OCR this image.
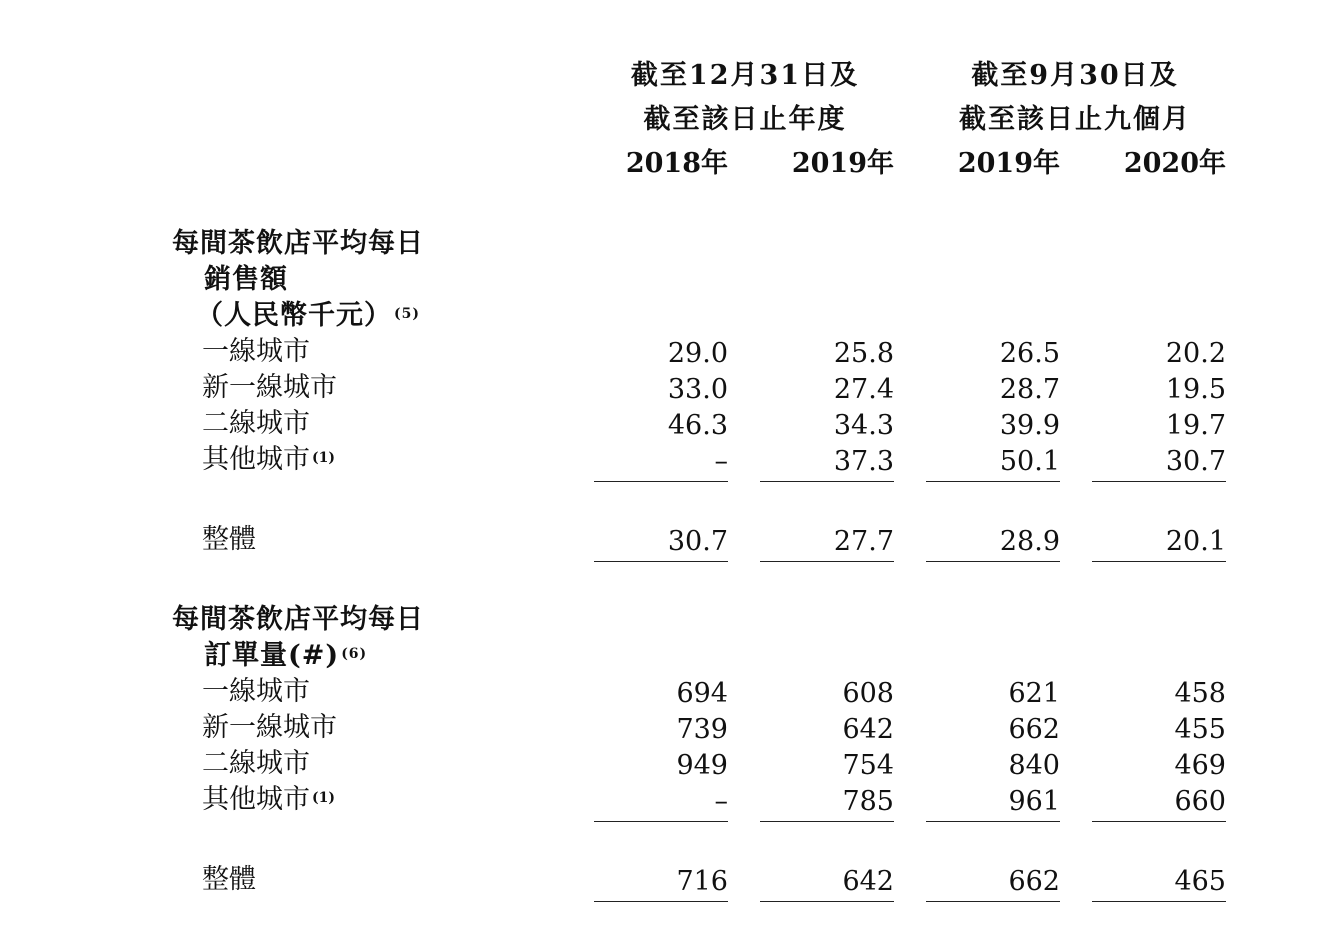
截至12月31日及
截至該日止年度
截至9月30日及
截至該日止九個月
2018年	2019年	2019年	2020年
每間茶飲店平均每日
銷售額
（人民幣千元） $^{(5)}$
一線城市	29.0	25.8	26.5	20.2
新一線城市	33.0	27.4	28.7	19.5
二線城市	46.3	34.3	39.9	19.7
其他城市 $^{(1)}$	–	37.3	50.1	30.7
整體	30.7	27.7	28.9	20.1
每間茶飲店平均每日
訂單量(#) $^{(6)}$
一線城市	694	608	621	458
新一線城市	739	642	662	455
二線城市	949	754	840	469
其他城市 $^{(1)}$	–	785	961	660
整體	716	642	662	465
